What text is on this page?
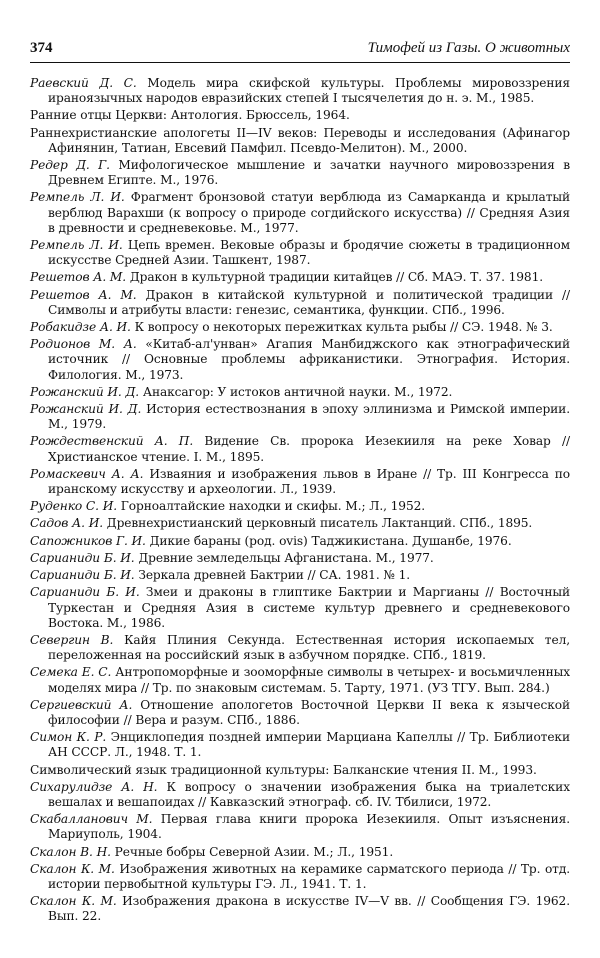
374	Тимофей из Газы. О животных

Раевский Д. С. Модель мира скифской культуры. Проблемы мировоззрения ираноязычных народов евразийских степей I тысячелетия до н. э. М., 1985.

Ранние отцы Церкви: Антология. Брюссель, 1964.

Раннехристианские апологеты II—IV веков: Переводы и исследования (Афинагор Афинянин, Татиан, Евсевий Памфил. Псевдо-Мелитон). М., 2000.

Редер Д. Г. Мифологическое мышление и зачатки научного мировоззрения в Древнем Египте. М., 1976.

Ремпель Л. И. Фрагмент бронзовой статуи верблюда из Самарканда и крылатый верблюд Варахши (к вопросу о природе согдийского искусства) // Средняя Азия в древности и средневековье. М., 1977.

Ремпель Л. И. Цепь времен. Вековые образы и бродячие сюжеты в традиционном искусстве Средней Азии. Ташкент, 1987.

Решетов А. М. Дракон в культурной традиции китайцев // Сб. МАЭ. Т. 37. 1981.

Решетов А. М. Дракон в китайской культурной и политической традиции // Символы и атрибуты власти: генезис, семантика, функции. СПб., 1996.

Робакидзе А. И. К вопросу о некоторых пережитках культа рыбы // СЭ. 1948. № 3.

Родионов М. А. «Китаб-ал'унван» Агапия Манбиджского как этнографический источник // Основные проблемы африканистики. Этнография. История. Филология. М., 1973.

Рожанский И. Д. Анаксагор: У истоков античной науки. М., 1972.

Рожанский И. Д. История естествознания в эпоху эллинизма и Римской империи. М., 1979.

Рождественский А. П. Видение Св. пророка Иезекииля на реке Ховар // Христианское чтение. I. М., 1895.

Ромаскевич А. А. Изваяния и изображения львов в Иране // Тр. III Конгресса по иранскому искусству и археологии. Л., 1939.

Руденко С. И. Горноалтайские находки и скифы. М.; Л., 1952.

Садов А. И. Древнехристианский церковный писатель Лактанций. СПб., 1895.

Сапожников Г. И. Дикие бараны (род. ovis) Таджикистана. Душанбе, 1976.

Сарианиди Б. И. Древние земледельцы Афганистана. М., 1977.

Сарианиди Б. И. Зеркала древней Бактрии // СА. 1981. № 1.

Сарианиди Б. И. Змеи и драконы в глиптике Бактрии и Маргианы // Восточный Туркестан и Средняя Азия в системе культур древнего и средневекового Востока. М., 1986.

Севергин В. Кайя Плиния Секунда. Естественная история ископаемых тел, переложенная на российский язык в азбучном порядке. СПб., 1819.

Семека Е. С. Антропоморфные и зооморфные символы в четырех- и восьмичленных моделях мира // Тр. по знаковым системам. 5. Тарту, 1971. (УЗ ТГУ. Вып. 284.)

Сергиевский А. Отношение апологетов Восточной Церкви II века к языческой философии // Вера и разум. СПб., 1886.

Симон К. Р. Энциклопедия поздней империи Марциана Капеллы // Тр. Библиотеки АН СССР. Л., 1948. Т. 1.

Символический язык традиционной культуры: Балканские чтения II. М., 1993.

Сихарулидзе А. Н. К вопросу о значении изображения быка на триалетских вешалах и вешапоидах // Кавказский этнограф. сб. IV. Тбилиси, 1972.

Скабалланович М. Первая глава книги пророка Иезекииля. Опыт изъяснения. Мариуполь, 1904.

Скалон В. Н. Речные бобры Северной Азии. М.; Л., 1951.

Скалон К. М. Изображения животных на керамике сарматского периода // Тр. отд. истории первобытной культуры ГЭ. Л., 1941. Т. 1.

Скалон К. М. Изображения дракона в искусстве IV—V вв. // Сообщения ГЭ. 1962. Вып. 22.
